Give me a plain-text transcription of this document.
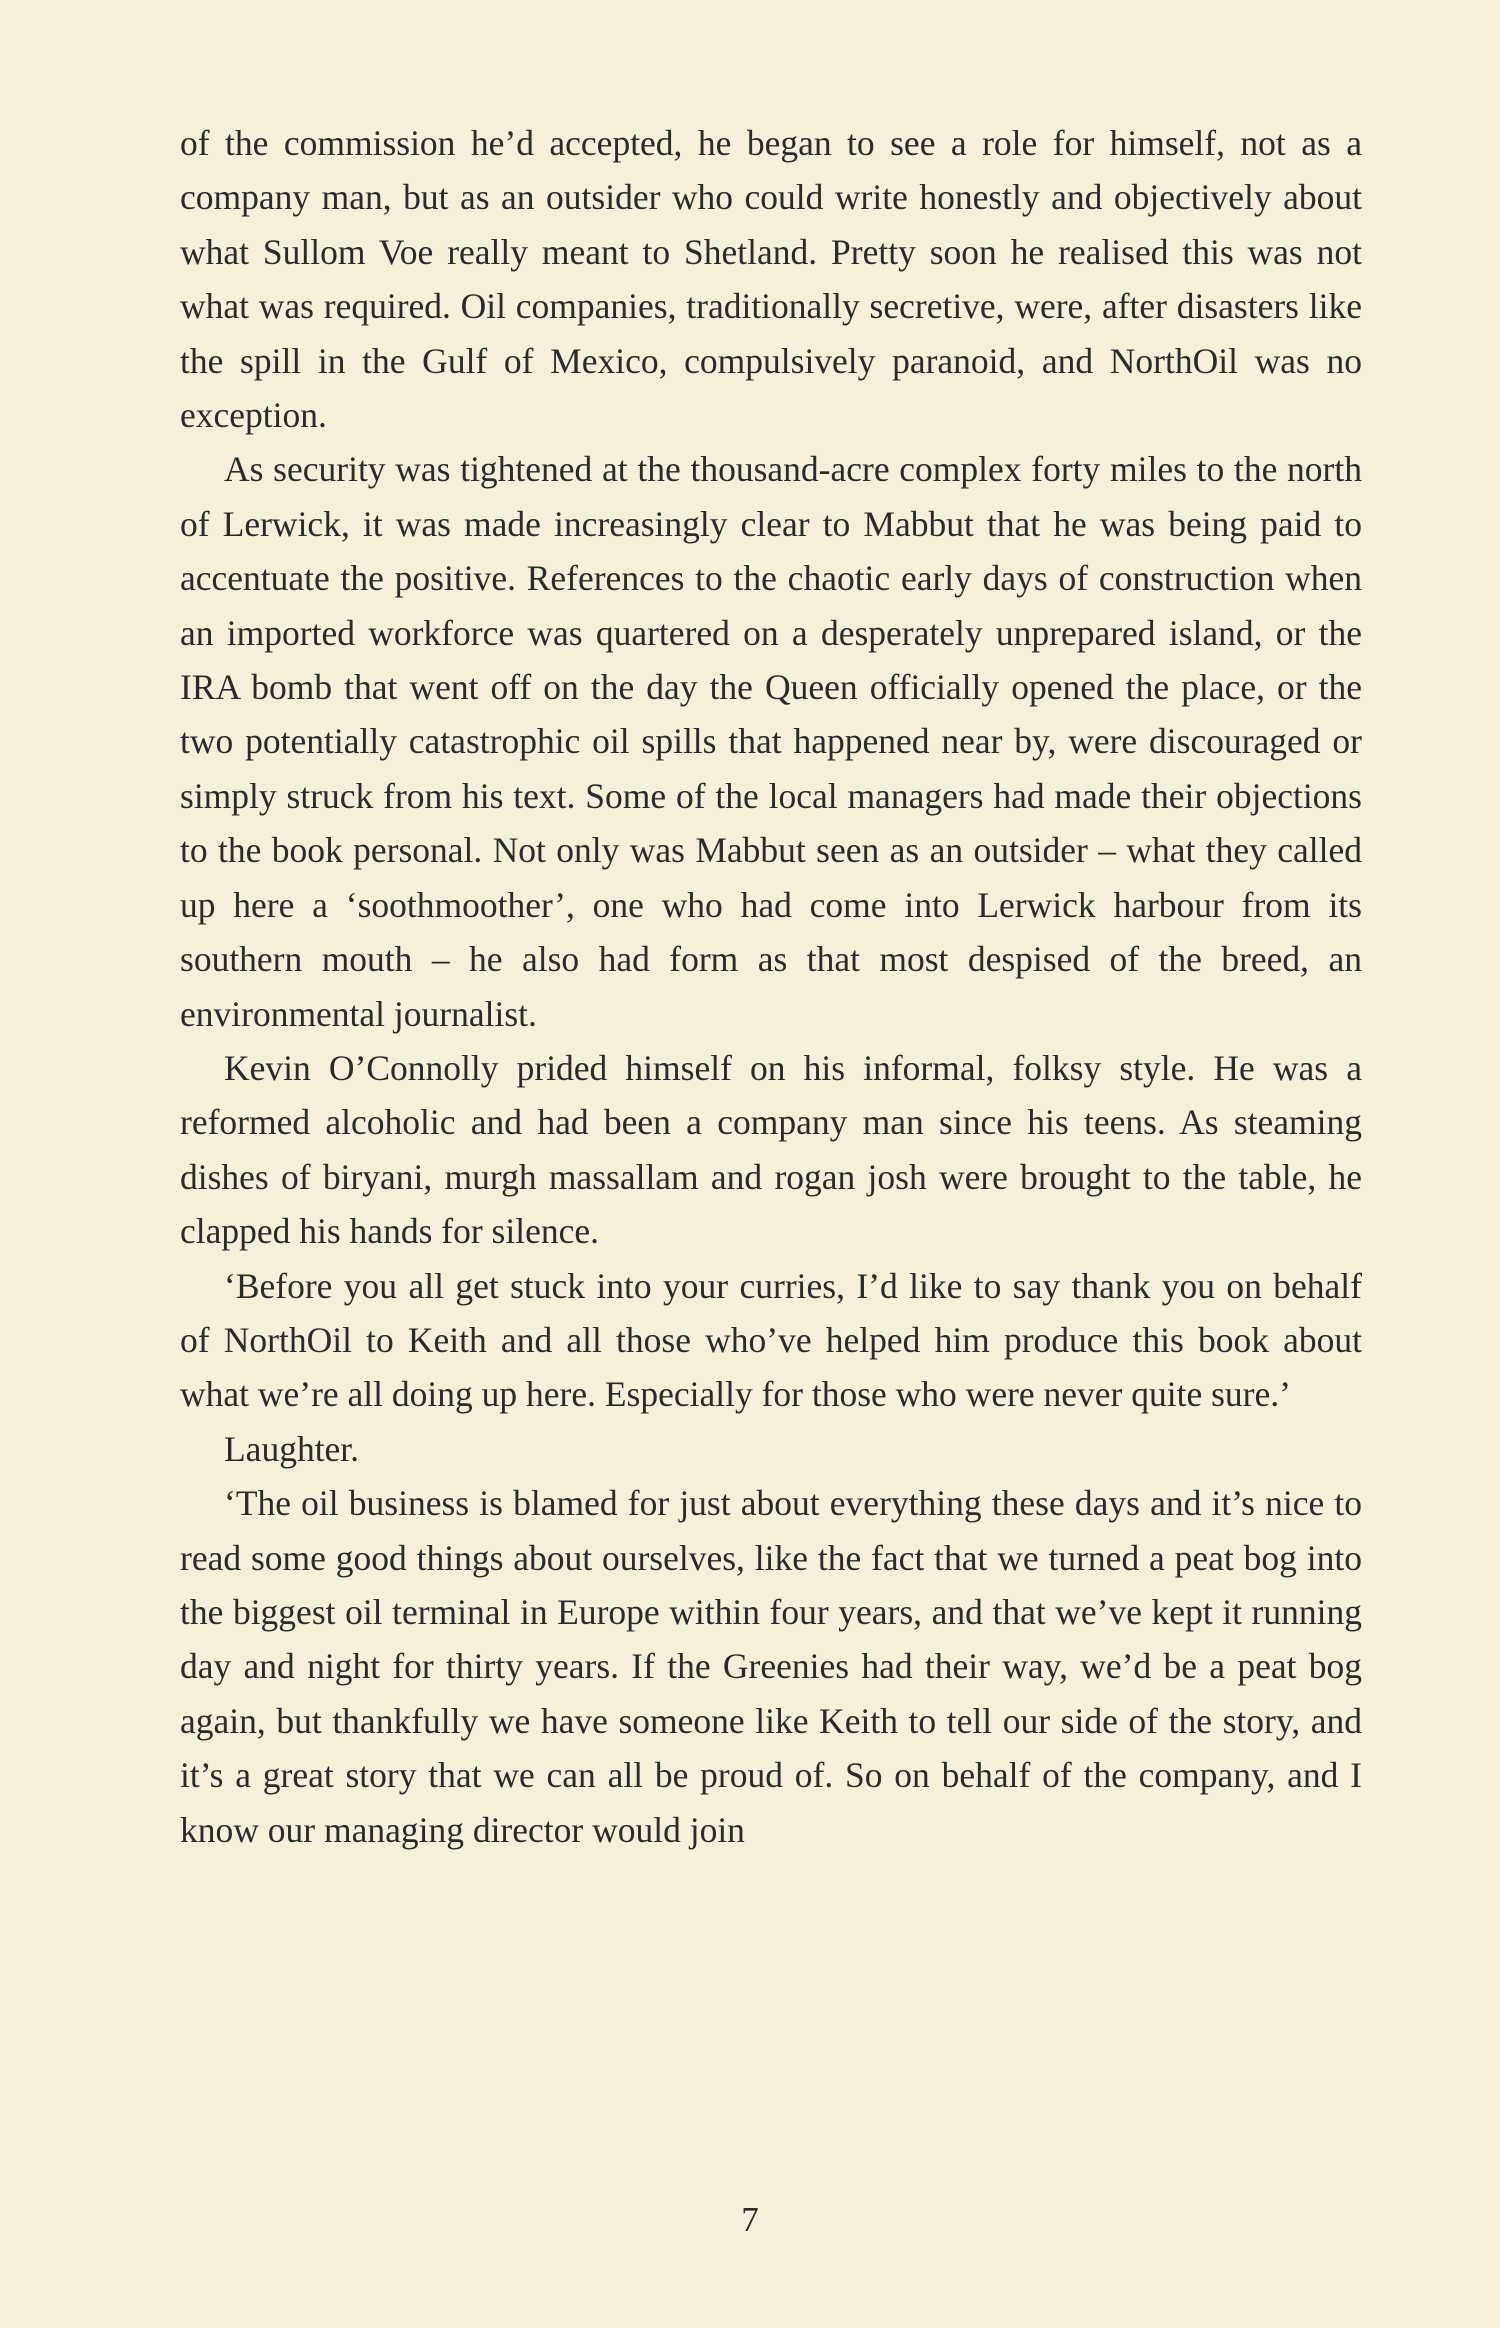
of the commission he’d accepted, he began to see a role for himself, not as a company man, but as an outsider who could write honestly and objectively about what Sullom Voe really meant to Shetland. Pretty soon he realised this was not what was required. Oil companies, traditionally secretive, were, after disasters like the spill in the Gulf of Mexico, compulsively paranoid, and NorthOil was no exception.

As security was tightened at the thousand-acre complex forty miles to the north of Lerwick, it was made increasingly clear to Mabbut that he was being paid to accentuate the positive. References to the chaotic early days of construction when an imported workforce was quartered on a desperately unprepared island, or the IRA bomb that went off on the day the Queen officially opened the place, or the two potentially catastrophic oil spills that happened near by, were discouraged or simply struck from his text. Some of the local managers had made their objections to the book personal. Not only was Mabbut seen as an outsider – what they called up here a ‘soothmoother’, one who had come into Lerwick harbour from its southern mouth – he also had form as that most despised of the breed, an environmental journalist.

Kevin O’Connolly prided himself on his informal, folksy style. He was a reformed alcoholic and had been a company man since his teens. As steaming dishes of biryani, murgh massallam and rogan josh were brought to the table, he clapped his hands for silence.

‘Before you all get stuck into your curries, I’d like to say thank you on behalf of NorthOil to Keith and all those who’ve helped him produce this book about what we’re all doing up here. Especially for those who were never quite sure.’

Laughter.

‘The oil business is blamed for just about everything these days and it’s nice to read some good things about ourselves, like the fact that we turned a peat bog into the biggest oil terminal in Europe within four years, and that we’ve kept it running day and night for thirty years. If the Greenies had their way, we’d be a peat bog again, but thankfully we have someone like Keith to tell our side of the story, and it’s a great story that we can all be proud of. So on behalf of the company, and I know our managing director would join

7
